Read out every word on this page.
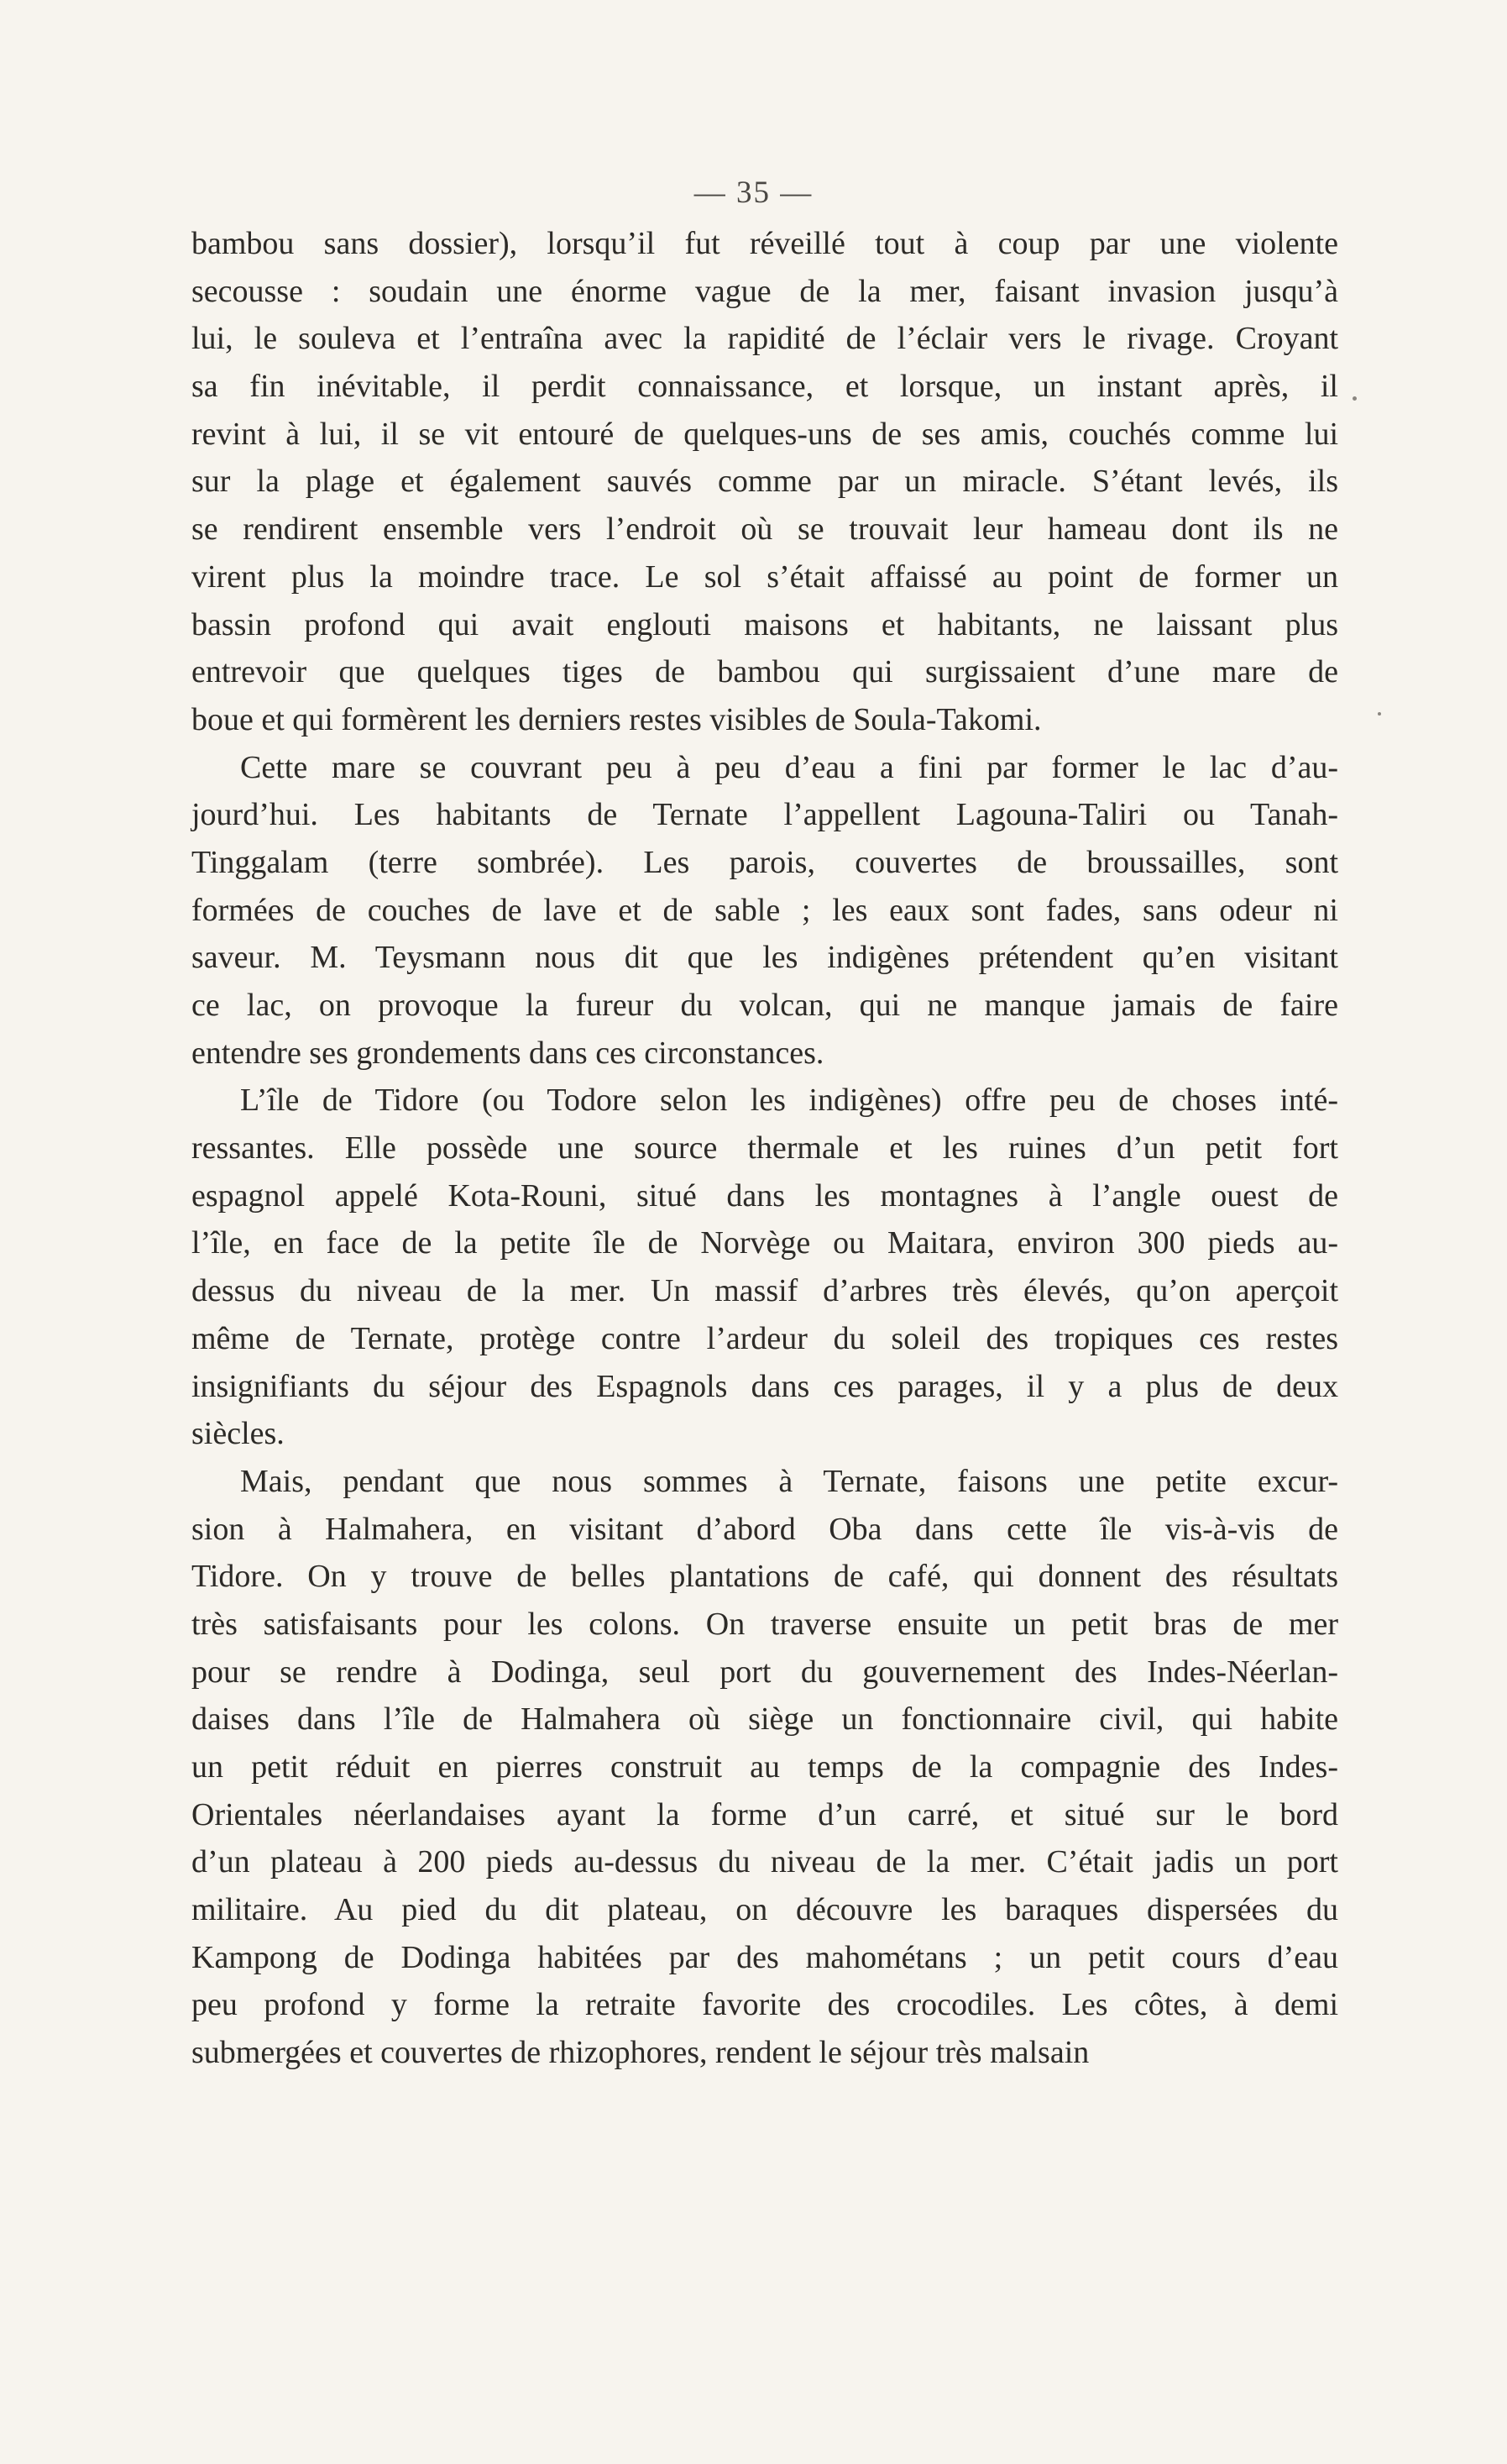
— 35 —
bambou sans dossier), lorsqu’il fut réveillé tout à coup par une violente
secousse : soudain une énorme vague de la mer, faisant invasion jusqu’à
lui, le souleva et l’entraîna avec la rapidité de l’éclair vers le rivage. Croyant
sa fin inévitable, il perdit connaissance, et lorsque, un instant après, il
revint à lui, il se vit entouré de quelques-uns de ses amis, couchés comme lui
sur la plage et également sauvés comme par un miracle. S’étant levés, ils
se rendirent ensemble vers l’endroit où se trouvait leur hameau dont ils ne
virent plus la moindre trace. Le sol s’était affaissé au point de former un
bassin profond qui avait englouti maisons et habitants, ne laissant plus
entrevoir que quelques tiges de bambou qui surgissaient d’une mare de
boue et qui formèrent les derniers restes visibles de Soula-Takomi.
Cette mare se couvrant peu à peu d’eau a fini par former le lac d’au-
jourd’hui. Les habitants de Ternate l’appellent Lagouna-Taliri ou Tanah-
Tinggalam (terre sombrée). Les parois, couvertes de broussailles, sont
formées de couches de lave et de sable ; les eaux sont fades, sans odeur ni
saveur. M. Teysmann nous dit que les indigènes prétendent qu’en visitant
ce lac, on provoque la fureur du volcan, qui ne manque jamais de faire
entendre ses grondements dans ces circonstances.
L’île de Tidore (ou Todore selon les indigènes) offre peu de choses inté-
ressantes. Elle possède une source thermale et les ruines d’un petit fort
espagnol appelé Kota-Rouni, situé dans les montagnes à l’angle ouest de
l’île, en face de la petite île de Norvège ou Maitara, environ 300 pieds au-
dessus du niveau de la mer. Un massif d’arbres très élevés, qu’on aperçoit
même de Ternate, protège contre l’ardeur du soleil des tropiques ces restes
insignifiants du séjour des Espagnols dans ces parages, il y a plus de deux
siècles.
Mais, pendant que nous sommes à Ternate, faisons une petite excur-
sion à Halmahera, en visitant d’abord Oba dans cette île vis-à-vis de
Tidore. On y trouve de belles plantations de café, qui donnent des résultats
très satisfaisants pour les colons. On traverse ensuite un petit bras de mer
pour se rendre à Dodinga, seul port du gouvernement des Indes-Néerlan-
daises dans l’île de Halmahera où siège un fonctionnaire civil, qui habite
un petit réduit en pierres construit au temps de la compagnie des Indes-
Orientales néerlandaises ayant la forme d’un carré, et situé sur le bord
d’un plateau à 200 pieds au-dessus du niveau de la mer. C’était jadis un port
militaire. Au pied du dit plateau, on découvre les baraques dispersées du
Kampong de Dodinga habitées par des mahométans ; un petit cours d’eau
peu profond y forme la retraite favorite des crocodiles. Les côtes, à demi
submergées et couvertes de rhizophores, rendent le séjour très malsain
